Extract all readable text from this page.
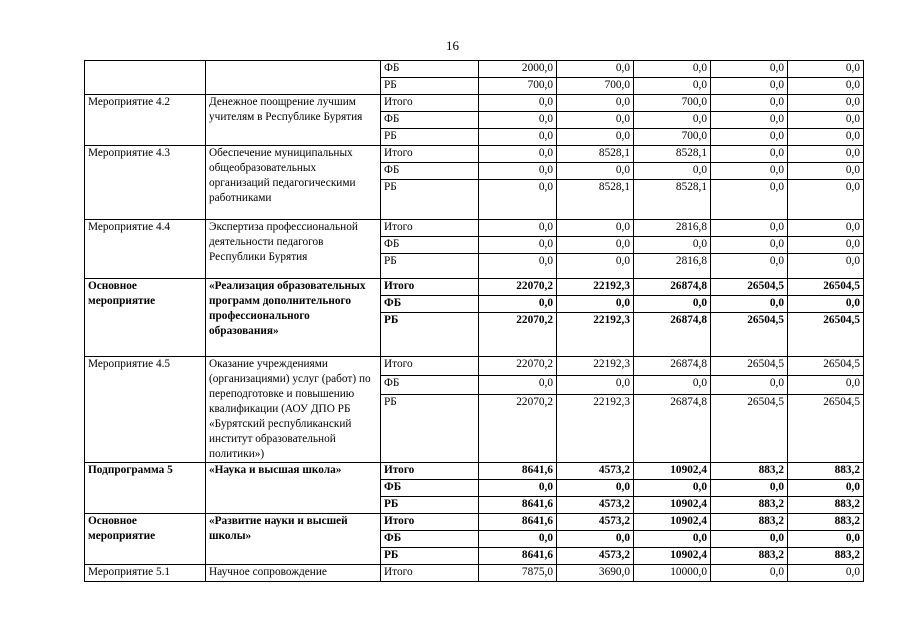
16
		ФБ	2000,0	0,0	0,0	0,0	0,0
		РБ	700,0	700,0	0,0	0,0	0,0
Мероприятие 4.2	Денежное поощрение лучшим учителям в Республике Бурятия	Итого	0,0	0,0	700,0	0,0	0,0
		ФБ	0,0	0,0	0,0	0,0	0,0
		РБ	0,0	0,0	700,0	0,0	0,0
Мероприятие 4.3	Обеспечение муниципальных общеобразовательных организаций педагогическими работниками	Итого	0,0	8528,1	8528,1	0,0	0,0
		ФБ	0,0	0,0	0,0	0,0	0,0
		РБ	0,0	8528,1	8528,1	0,0	0,0
Мероприятие 4.4	Экспертиза профессиональной деятельности педагогов Республики Бурятия	Итого	0,0	0,0	2816,8	0,0	0,0
		ФБ	0,0	0,0	0,0	0,0	0,0
		РБ	0,0	0,0	2816,8	0,0	0,0
Основное мероприятие	«Реализация образовательных программ дополнительного профессионального образования»	Итого	22070,2	22192,3	26874,8	26504,5	26504,5
		ФБ	0,0	0,0	0,0	0,0	0,0
		РБ	22070,2	22192,3	26874,8	26504,5	26504,5
Мероприятие 4.5	Оказание учреждениями (организациями) услуг (работ) по переподготовке и повышению квалификации (АОУ ДПО РБ «Бурятский республиканский институт образовательной политики»)	Итого	22070,2	22192,3	26874,8	26504,5	26504,5
		ФБ	0,0	0,0	0,0	0,0	0,0
		РБ	22070,2	22192,3	26874,8	26504,5	26504,5
Подпрограмма 5	«Наука и высшая школа»	Итого	8641,6	4573,2	10902,4	883,2	883,2
		ФБ	0,0	0,0	0,0	0,0	0,0
		РБ	8641,6	4573,2	10902,4	883,2	883,2
Основное мероприятие	«Развитие науки и высшей школы»	Итого	8641,6	4573,2	10902,4	883,2	883,2
		ФБ	0,0	0,0	0,0	0,0	0,0
		РБ	8641,6	4573,2	10902,4	883,2	883,2
Мероприятие 5.1	Научное сопровождение	Итого	7875,0	3690,0	10000,0	0,0	0,0
